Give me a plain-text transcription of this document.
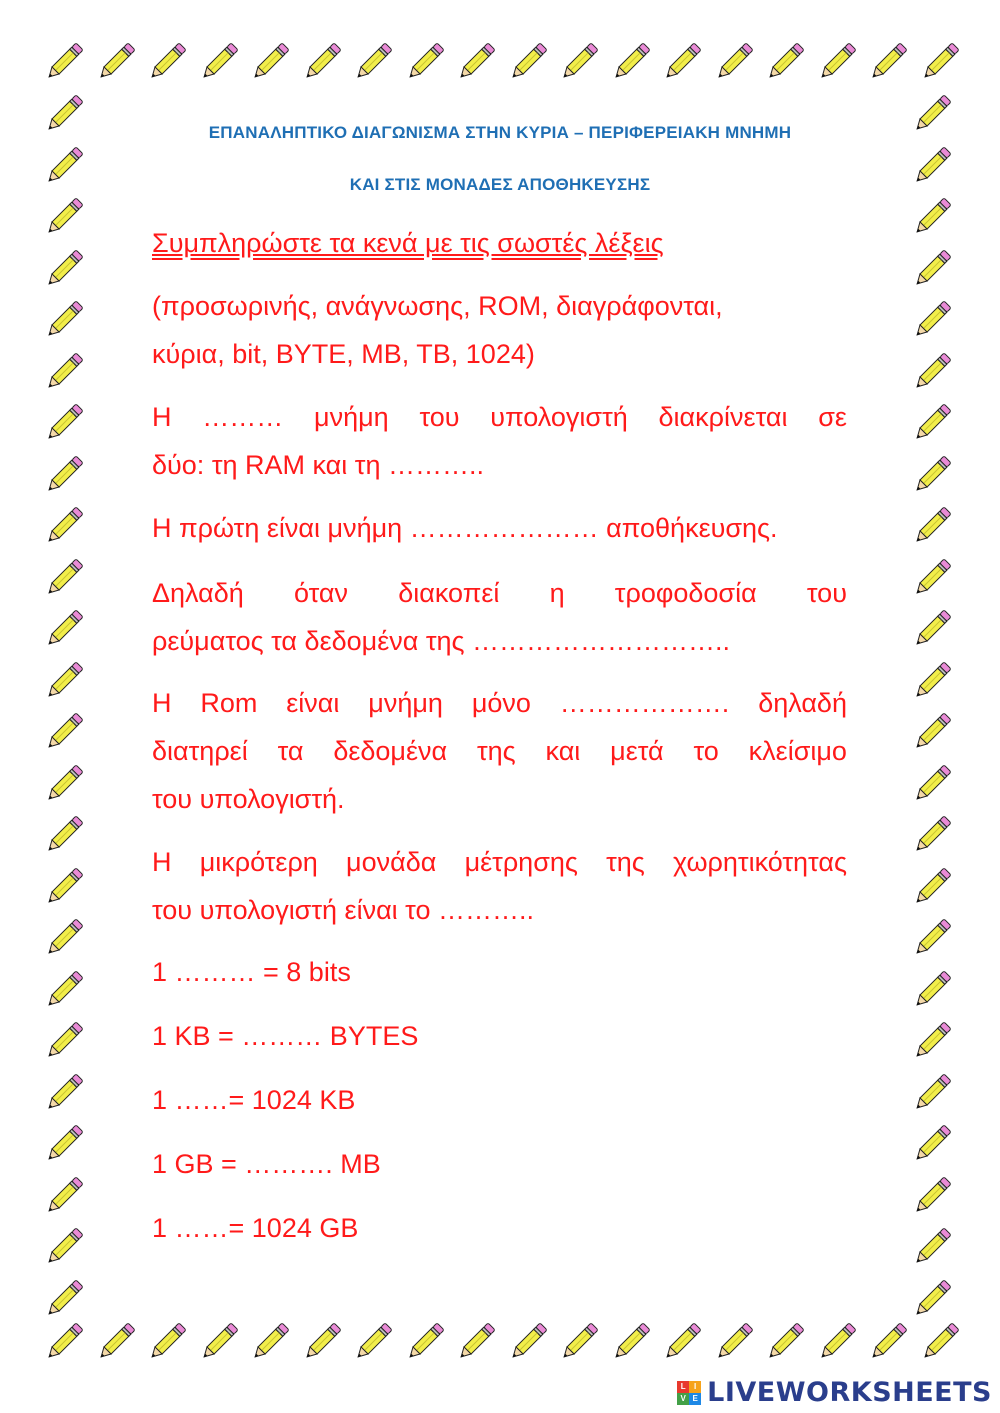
ΕΠΑΝΑΛΗΠΤΙΚΟ ΔΙΑΓΩΝΙΣΜΑ ΣΤΗΝ ΚΥΡΙΑ – ΠΕΡΙΦΕΡΕΙΑΚΗ ΜΝΗΜΗ
ΚΑΙ ΣΤΙΣ ΜΟΝΑΔΕΣ ΑΠΟΘΗΚΕΥΣΗΣ
Συμπληρώστε τα κενά με τις σωστές λέξεις
(προσωρινής, ανάγνωσης, ROM, διαγράφονται,
κύρια, bit, BYTE, MB, TB, 1024)
Η ……… μνήμη του υπολογιστή διακρίνεται σε
δύο: τη RAM και τη ………..
Η πρώτη είναι μνήμη ………………… αποθήκευσης.
Δηλαδή όταν διακοπεί η τροφοδοσία του
ρεύματος τα δεδομένα της ………………………..
Η Rom είναι μνήμη μόνο ………………. δηλαδή
διατηρεί τα δεδομένα της και μετά το κλείσιμο
του υπολογιστή.
Η μικρότερη μονάδα μέτρησης της χωρητικότητας
του υπολογιστή είναι το ………..
1 ……… = 8 bits
1 KB = ……… BYTES
1 ……= 1024 KB
1 GB = ………. MB
1 ……= 1024 GB
L	I
V E LIVEWORKSHEETS
